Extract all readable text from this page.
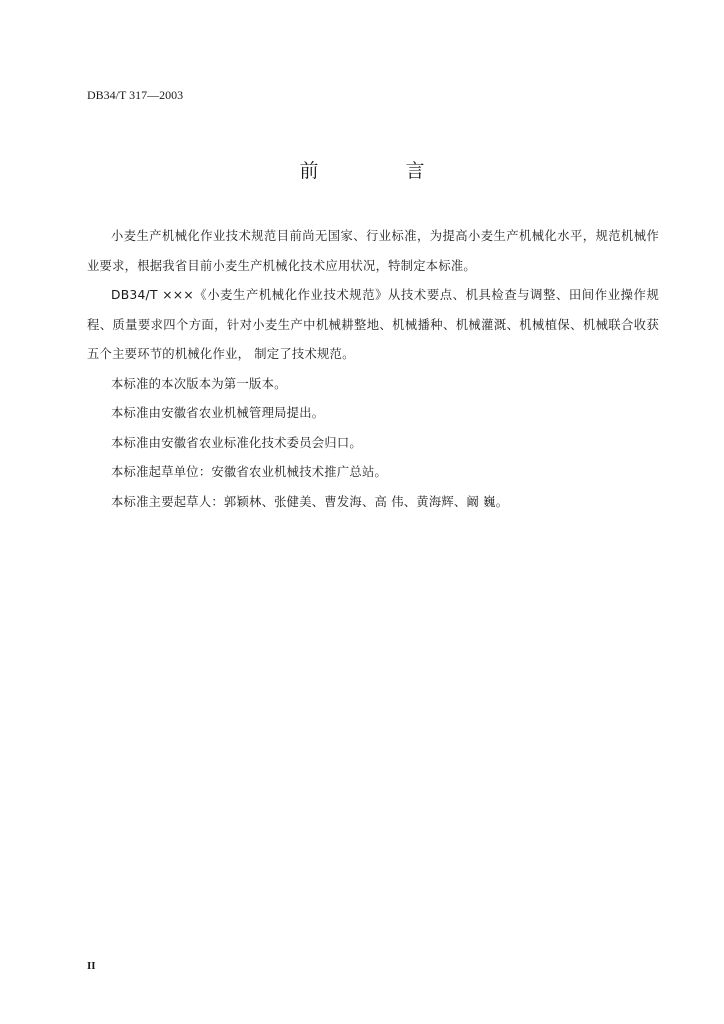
DB34/T 317—2003
前　言

小麦生产机械化作业技术规范目前尚无国家、行业标准，为提高小麦生产机械化水平，规范机械作业要求，根据我省目前小麦生产机械化技术应用状况，特制定本标准。

DB34/T ×××《小麦生产机械化作业技术规范》从技术要点、机具检查与调整、田间作业操作规程、质量要求四个方面，针对小麦生产中机械耕整地、机械播种、机械灌溉、机械植保、机械联合收获五个主要环节的机械化作业， 制定了技术规范。

本标准的本次版本为第一版本。

本标准由安徽省农业机械管理局提出。

本标准由安徽省农业标准化技术委员会归口。

本标准起草单位：安徽省农业机械技术推广总站。

本标准主要起草人：郭颖林、张健美、曹发海、高 伟、黄海辉、阚 巍。

II
